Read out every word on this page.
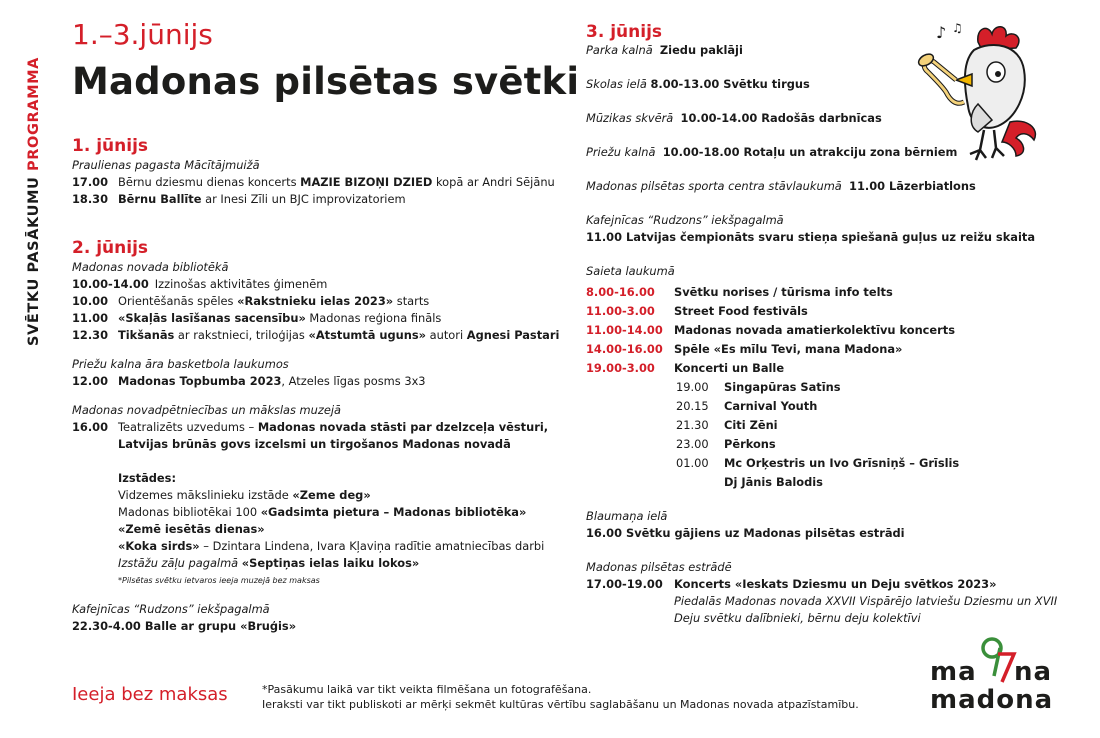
SVĒTKU PASĀKUMU PROGRAMMA
1.–3.jūnijs
Madonas pilsētas svētki
1. jūnijs
Praulienas pagasta Mācītājmuižā
17.00 Bērnu dziesmu dienas koncerts MAZIE BIZOŅI DZIED kopā ar Andri Sējānu
18.30 Bērnu Ballīte ar Inesi Zīli un BJC improvizatoriem
2. jūnijs
Madonas novada bibliotēkā
10.00-14.00 Izzinošas aktivitātes ģimenēm
10.00 Orientēšanās spēles «Rakstnieku ielas 2023» starts
11.00 «Skaļās lasīšanas sacensību» Madonas reģiona fināls
12.30 Tikšanās ar rakstnieci, triloģijas «Atstumtā uguns» autori Agnesi Pastari
Priežu kalna āra basketbola laukumos
12.00 Madonas Topbumba 2023, Atzeles līgas posms 3x3
Madonas novadpētniecības un mākslas muzejā
16.00 Teatralizēts uzvedums – Madonas novada stāsti par dzelzceļa vēsturi,
Latvijas brūnās govs izcelsmi un tirgošanos Madonas novadā
Izstādes:
Vidzemes mākslinieku izstāde «Zeme deg»
Madonas bibliotēkai 100 «Gadsimta pietura – Madonas bibliotēka»
«Zemē iesētās dienas»
«Koka sirds» – Dzintara Lindena, Ivara Kļaviņa radītie amatniecības darbi
Izstāžu zāļu pagalmā «Septiņas ielas laiku lokos»
*Pilsētas svētku ietvaros ieeja muzejā bez maksas
Kafejnīcas “Rudzons” iekšpagalmā
22.30-4.00 Balle ar grupu «Bruģis»
3. jūnijs
Parka kalnā Ziedu paklāji
Skolas ielā 8.00-13.00 Svētku tirgus
Mūzikas skvērā 10.00-14.00 Radošās darbnīcas
Priežu kalnā 10.00-18.00 Rotaļu un atrakciju zona bērniem
Madonas pilsētas sporta centra stāvlaukumā 11.00 Lāzerbiatlons
Kafejnīcas “Rudzons” iekšpagalmā
11.00 Latvijas čempionāts svaru stieņa spiešanā guļus uz reižu skaita
Saieta laukumā
8.00-16.00	Svētku norises / tūrisma info telts
11.00-3.00	Street Food festivāls
11.00-14.00 Madonas novada amatierkolektīvu koncerts
14.00-16.00 Spēle «Es mīlu Tevi, mana Madona»
19.00-3.00	Koncerti un Balle
19.00	Singapūras Satīns
20.15	Carnival Youth
21.30	Citi Zēni
23.00	Pērkons
01.00	Mc Orķestris un Ivo Grīsniņš – Grīslis
Dj Jānis Balodis
Blaumaņa ielā
16.00 Svētku gājiens uz Madonas pilsētas estrādi
Madonas pilsētas estrādē
17.00-19.00 Koncerts «Ieskats Dziesmu un Deju svētkos 2023»
Piedalās Madonas novada XXVII Vispārējo latviešu Dziesmu un XVII
Deju svētku dalībnieki, bērnu deju kolektīvi
♪ ♫
Ieeja bez maksas	*Pasākumu laikā var tikt veikta filmēšana un fotografēšana.
Ieraksti var tikt publiskoti ar mērķi sekmēt kultūras vērtību saglabāšanu un Madonas novada atpazīstamību.
ma na
madona
